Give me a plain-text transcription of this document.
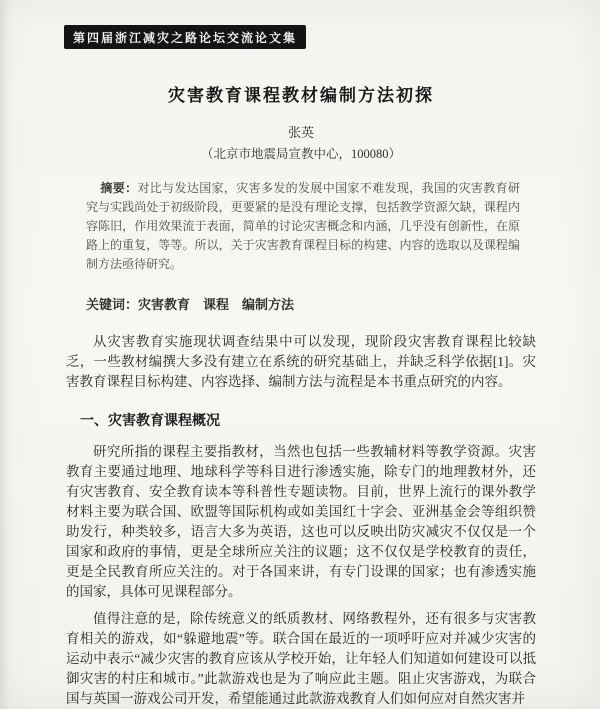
第四届浙江减灾之路论坛交流论文集
灾害教育课程教材编制方法初探
张英
（北京市地震局宣教中心，100080）

摘要：对比与发达国家，灾害多发的发展中国家不难发现，我国的灾害教育研究与实践尚处于初级阶段，更要紧的是没有理论支撑，包括教学资源欠缺，课程内容陈旧，作用效果流于表面，简单的讨论灾害概念和内涵，几乎没有创新性，在原路上的重复，等等。所以，关于灾害教育课程目标的构建、内容的选取以及课程编制方法亟待研究。

关键词：灾害教育　课程　编制方法

从灾害教育实施现状调查结果中可以发现，现阶段灾害教育课程比较缺乏，一些教材编撰大多没有建立在系统的研究基础上，并缺乏科学依据[1]。灾害教育课程目标构建、内容选择、编制方法与流程是本书重点研究的内容。

一、灾害教育课程概况

研究所指的课程主要指教材，当然也包括一些教辅材料等教学资源。灾害教育主要通过地理、地球科学等科目进行渗透实施，除专门的地理教材外，还有灾害教育、安全教育读本等科普性专题读物。目前，世界上流行的课外教学材料主要为联合国、欧盟等国际机构或如美国红十字会、亚洲基金会等组织赞助发行，种类较多，语言大多为英语，这也可以反映出防灾减灾不仅仅是一个国家和政府的事情，更是全球所应关注的议题；这不仅仅是学校教育的责任，更是全民教育所应关注的。对于各国来讲，有专门设课的国家；也有渗透实施的国家，具体可见课程部分。

值得注意的是，除传统意义的纸质教材、网络教程外，还有很多与灾害教育相关的游戏，如“躲避地震”等。联合国在最近的一项呼吁应对并减少灾害的运动中表示“减少灾害的教育应该从学校开始，让年轻人们知道如何建设可以抵御灾害的村庄和城市。”此款游戏也是为了响应此主题。阻止灾害游戏，为联合国与英国一游戏公司开发，希望能通过此款游戏教育人们如何应对自然灾害并
